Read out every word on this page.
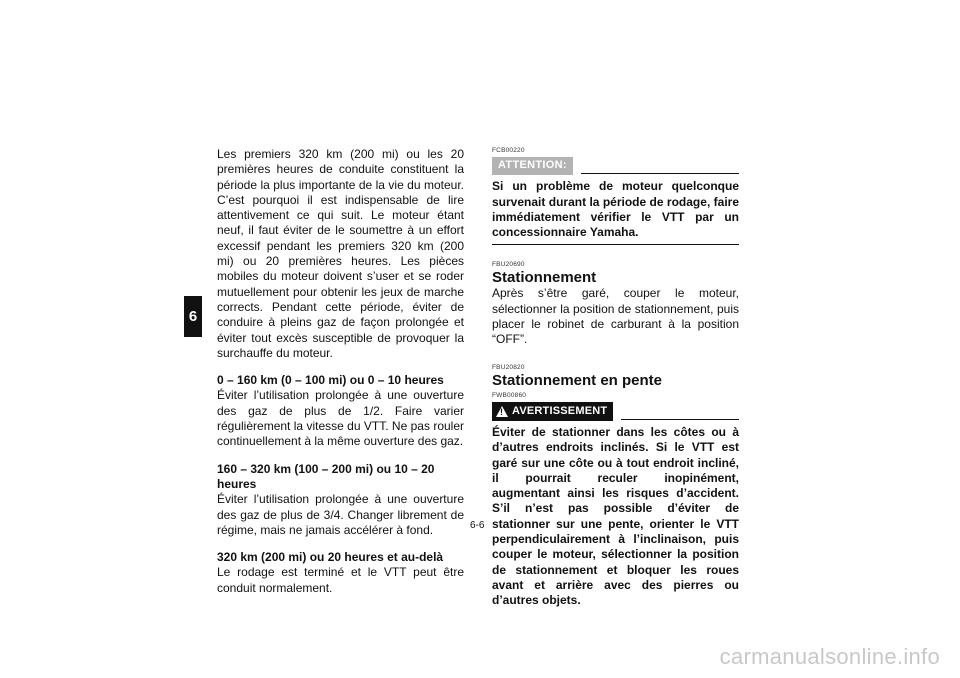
6

Les premiers 320 km (200 mi) ou les 20 premières heures de conduite constituent la période la plus importante de la vie du moteur. C’est pourquoi il est indispensable de lire attentivement ce qui suit. Le moteur étant neuf, il faut éviter de le soumettre à un effort excessif pendant les premiers 320 km (200 mi) ou 20 premières heures. Les pièces mobiles du moteur doivent s’user et se roder mutuellement pour obtenir les jeux de marche corrects. Pendant cette période, éviter de conduire à pleins gaz de façon prolongée et éviter tout excès susceptible de provoquer la surchauffe du moteur.

0 – 160 km (0 – 100 mi) ou 0 – 10 heures

Éviter l’utilisation prolongée à une ouverture des gaz de plus de 1/2. Faire varier régulièrement la vitesse du VTT. Ne pas rouler continuellement à la même ouverture des gaz.

160 – 320 km (100 – 200 mi) ou 10 – 20 heures

Éviter l’utilisation prolongée à une ouverture des gaz de plus de 3/4. Changer librement de régime, mais ne jamais accélérer à fond.

320 km (200 mi) ou 20 heures et au-delà

Le rodage est terminé et le VTT peut être conduit normalement.

FCB00220
ATTENTION:

Si un problème de moteur quelconque survenait durant la période de rodage, faire immédiatement vérifier le VTT par un concessionnaire Yamaha.

FBU20690
Stationnement

Après s’être garé, couper le moteur, sélectionner la position de stationnement, puis placer le robinet de carburant à la position “OFF”.

FBU20820
Stationnement en pente
FWB00860
!
AVERTISSEMENT

Éviter de stationner dans les côtes ou à d’autres endroits inclinés. Si le VTT est garé sur une côte ou à tout endroit incliné, il pourrait reculer inopinément, augmentant ainsi les risques d’accident. S’il n’est pas possible d’éviter de stationner sur une pente, orienter le VTT perpendiculairement à l’inclinaison, puis couper le moteur, sélectionner la position de stationnement et bloquer les roues avant et arrière avec des pierres ou d’autres objets.

6-6
carmanualsonline.info
